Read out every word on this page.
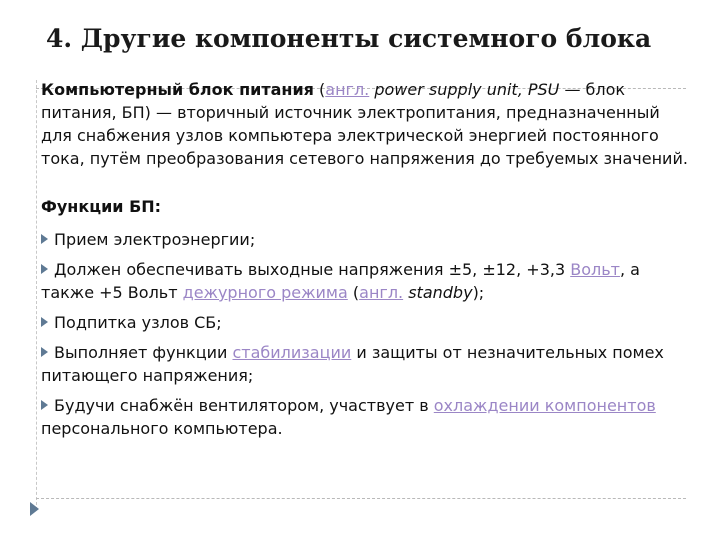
4. Другие компоненты системного блока

Компьютерный блок питания (англ. power supply unit, PSU — блок питания, БП) — вторичный источник электропитания, предназначенный для снабжения узлов компьютера электрической энергией постоянного тока, путём преобразования сетевого напряжения до требуемых значений.

Функции БП:

Прием электроэнергии;

Должен обеспечивать выходные напряжения ±5, ±12, +3,3 Вольт, а также +5 Вольт дежурного режима (англ. standby);

Подпитка узлов СБ;

Выполняет функции стабилизации и защиты от незначительных помех питающего напряжения;

Будучи снабжён вентилятором, участвует в охлаждении компонентов персонального компьютера.
